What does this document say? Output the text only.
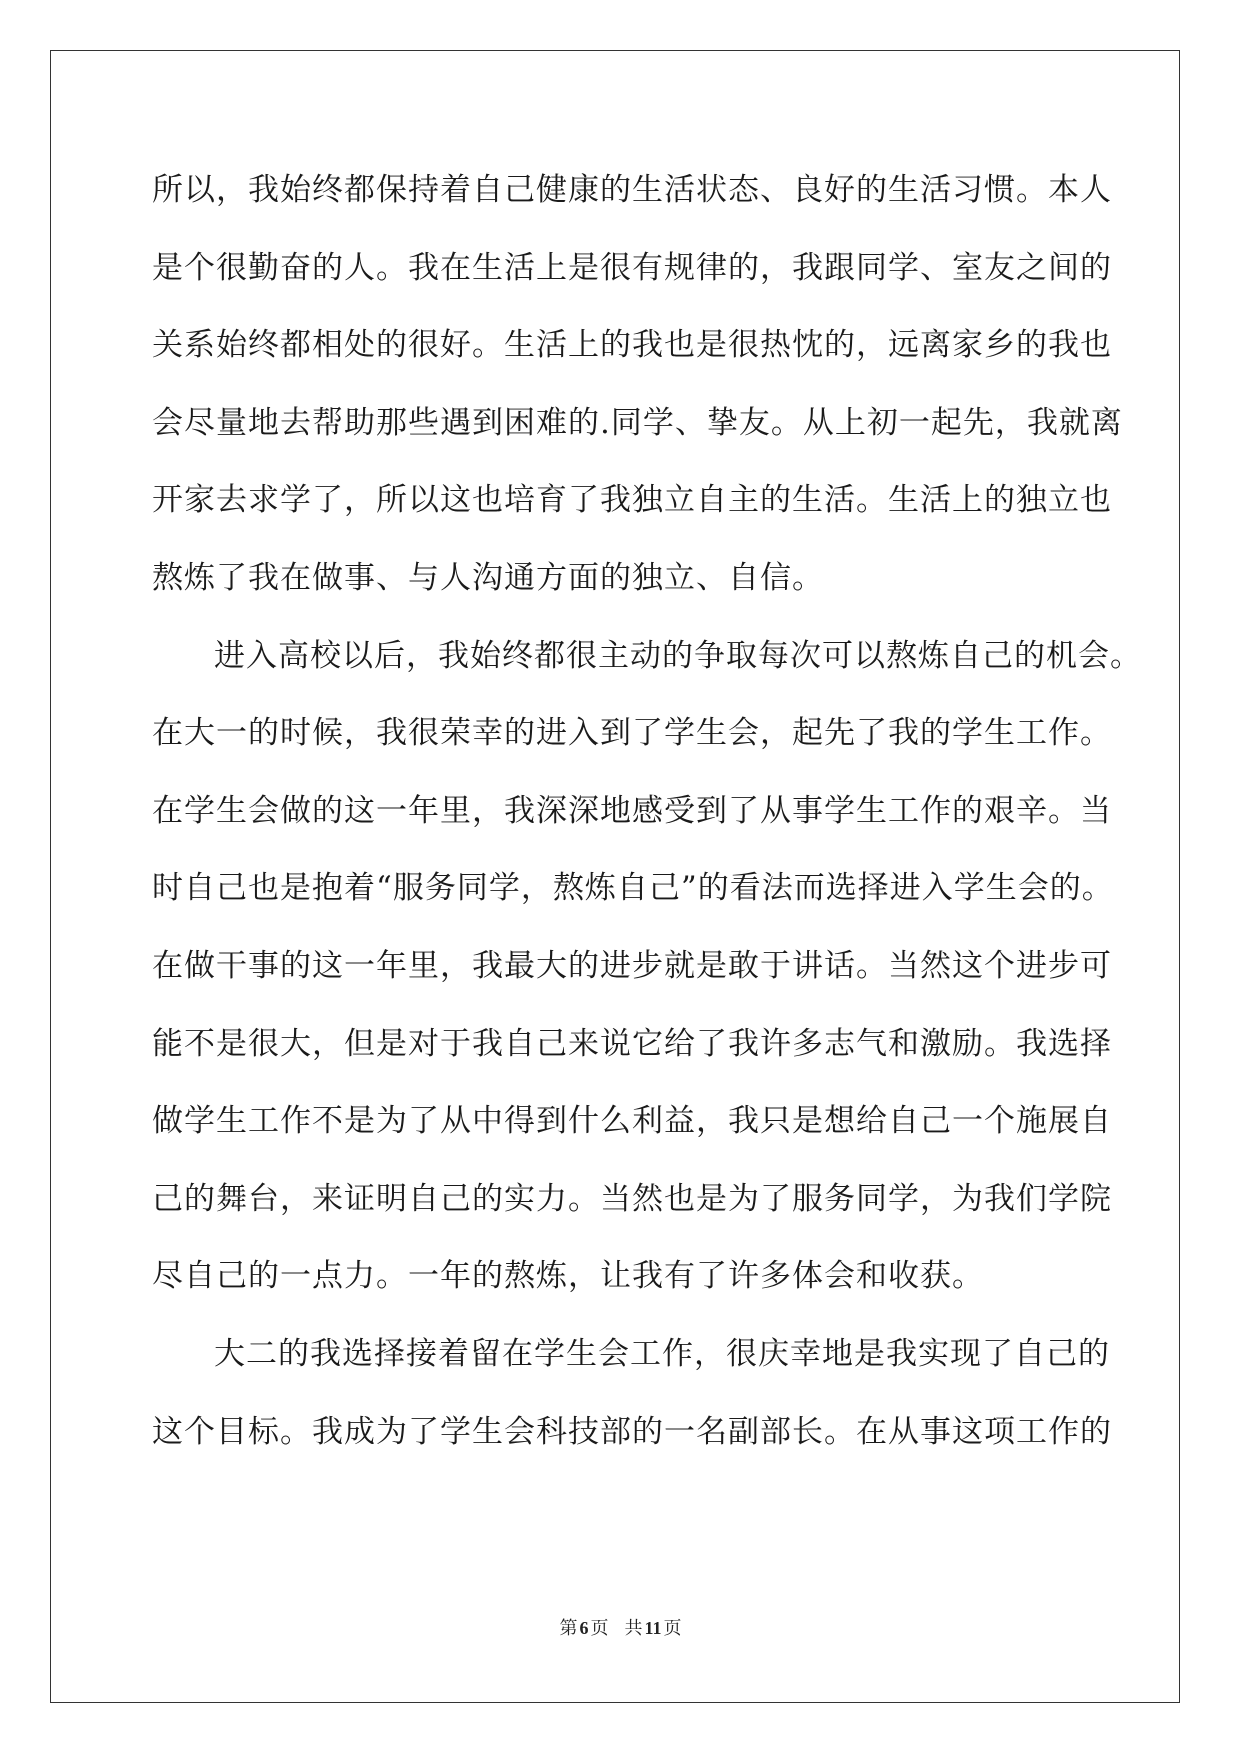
所以，我始终都保持着自己健康的生活状态、良好的生活习惯。本人
是个很勤奋的人。我在生活上是很有规律的，我跟同学、室友之间的
关系始终都相处的很好。生活上的我也是很热忱的，远离家乡的我也
会尽量地去帮助那些遇到困难的.同学、挚友。从上初一起先，我就离
开家去求学了，所以这也培育了我独立自主的生活。生活上的独立也
熬炼了我在做事、与人沟通方面的独立、自信。
进入高校以后，我始终都很主动的争取每次可以熬炼自己的机会。
在大一的时候，我很荣幸的进入到了学生会，起先了我的学生工作。
在学生会做的这一年里，我深深地感受到了从事学生工作的艰辛。当
时自己也是抱着“服务同学，熬炼自己”的看法而选择进入学生会的。
在做干事的这一年里，我最大的进步就是敢于讲话。当然这个进步可
能不是很大，但是对于我自己来说它给了我许多志气和激励。我选择
做学生工作不是为了从中得到什么利益，我只是想给自己一个施展自
己的舞台，来证明自己的实力。当然也是为了服务同学，为我们学院
尽自己的一点力。一年的熬炼，让我有了许多体会和收获。
大二的我选择接着留在学生会工作，很庆幸地是我实现了自己的
这个目标。我成为了学生会科技部的一名副部长。在从事这项工作的
第 6 页 共 11 页
